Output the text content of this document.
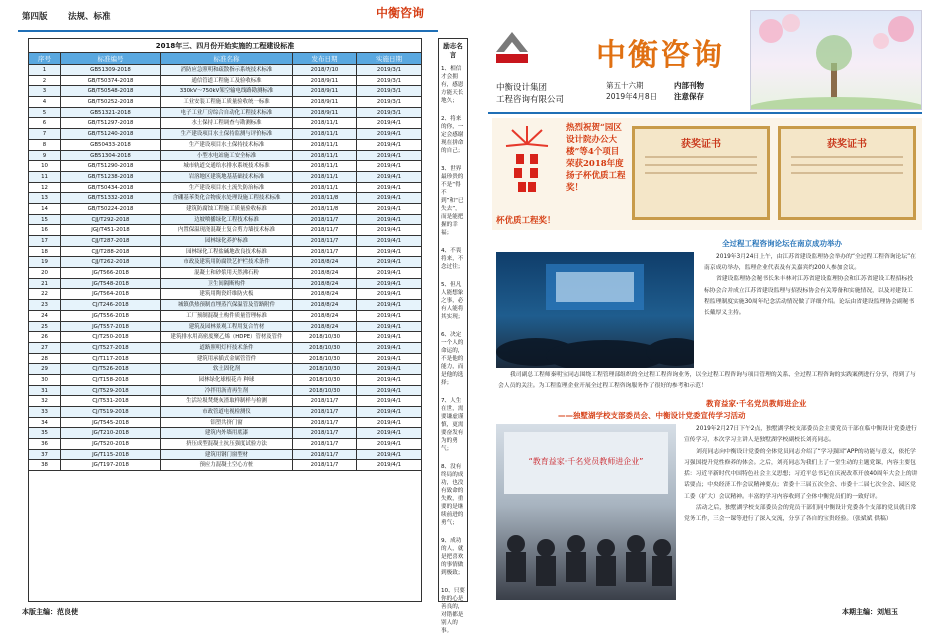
第四版 法规、标准	中衡咨询
2018年三、四月份开始实施的工程建设标准
序号	标准编号	标准名称	发布日期	实施日期
1	GB51309-2018	消防应急照明和疏散指示系统技术标准	2018/7/10	2019/3/1
2	GB/T50374-2018	通信管道工程施工及验收标准	2018/9/11	2019/3/1
3	GB/T50548-2018	330kV～750kV架空输电线路勘测标准	2018/9/11	2019/3/1
4	GB/T50252-2018	工业安装工程施工质量验收统一标准	2018/9/11	2019/3/1
5	GB51321-2018	电子工业厂房综合自动化工程技术标准	2018/9/11	2019/3/1
6	GB/T51297-2018	水土保持工程调查与勘测标准	2018/11/1	2019/4/1
7	GB/T51240-2018	生产建设项目水土保持监测与评价标准	2018/11/1	2019/4/1
8	GB50433-2018	生产建设项目水土保持技术标准	2018/11/1	2019/4/1
9	GB51304-2018	小型水电站施工安全标准	2018/11/1	2019/4/1
10	GB/T51290-2018	城市轨道交通给水排水系统技术标准	2018/11/1	2019/4/1
11	GB/T51238-2018	岩溶地区建筑地基基础技术标准	2018/11/1	2019/4/1
12	GB/T50434-2018	生产建设项目水土流失防治标准	2018/11/1	2019/4/1
13	GB/T51332-2018	含硼基苯类化合物废水处理设施工程技术标准	2018/11/8	2019/4/1
14	GB/T50224-2018	建筑防腐蚀工程施工质量验收标准	2018/11/8	2019/4/1
15	CJJ/T292-2018	边坡喷播绿化工程技术标准	2018/11/7	2019/4/1
16	JGJ/T451-2018	内置保温现浇混凝土复合剪力墙技术标准	2018/11/7	2019/4/1
17	CJJ/T287-2018	园林绿化养护标准	2018/11/7	2019/4/1
18	CJJ/T288-2018	园林绿化工程盐碱地改良技术标准	2018/11/7	2019/4/1
19	CJJ/T262-2018	市政及建筑用防腐铁艺护栏技术条件	2018/8/24	2019/4/1
20	JG/T566-2018	混凝土和砂浆用天然沸石粉	2018/8/24	2019/4/1
21	JG/T548-2018	卫生间隔断构件	2018/8/24	2019/4/1
22	JG/T564-2018	建筑用陶瓷纤维防火板	2018/8/24	2019/4/1
23	CJ/T246-2018	城镇供热预制直埋蒸汽保温管及管路附件	2018/8/24	2019/4/1
24	JG/T556-2018	工厂预制混凝土构件质量管理标准	2018/8/24	2019/4/1
25	JG/T557-2018	建筑及园林景观工程用复合竹材	2018/8/24	2019/4/1
26	CJ/T250-2018	建筑排水用高密度聚乙烯（HDPE）管材及管件	2018/10/30	2019/4/1
27	CJ/T527-2018	道路照明灯杆技术条件	2018/10/30	2019/4/1
28	CJ/T117-2018	建筑用承插式金属管管件	2018/10/30	2019/4/1
29	CJ/T526-2018	软土固化剂	2018/10/30	2019/4/1
30	CJ/T158-2018	园林绿化球根花卉 种球	2018/10/30	2019/4/1
31	CJ/T529-2018	冷拌用沥青再生剂	2018/10/30	2019/4/1
32	CJ/T531-2018	生活垃圾焚烧灰渣取样制样与检测	2018/11/7	2019/4/1
33	CJ/T519-2018	市政管道电视检测仪	2018/11/7	2019/4/1
34	JG/T545-2018	铝塑共挤门窗	2018/11/7	2019/4/1
35	JG/T210-2018	建筑内外墙用底漆	2018/11/7	2019/4/1
36	JG/T520-2018	挤压成型混凝土抗压强度试验方法	2018/11/7	2019/4/1
37	JG/T115-2018	建筑用钢门窗型材	2018/11/7	2019/4/1
38	JG/T197-2018	预应力混凝土空心方桩	2018/11/7	2019/4/1
励志名言
1、相信才会拥有，感恩方能天长地久；
2、将来的你，一定会感谢现在拼命的自己；
3、世界最珍贵的不是“得不到”和“已失去”，而是能把握的幸福；
4、不畏将来，不念过往；
5、但凡人能想象之事，必有人能将其实现；
6、决定一个人的命运的，不是他的能力，而是他的选择；
7、人生在世，需要谦虚谨慎，更需要奋发有为的勇气；
8、没有终局的成功，也没有致命的失败，重要的是继续前进的勇气；
9、成功的人，就是把喜欢的事情做到极致；
10、只要你的心是善良的，对错都是别人的事。
本版主编：范良使
中衡设计集团
工程咨询有限公司
中衡咨询
第五十六期
2019年4月8日
内部刊物
注意保存
热烈祝贺“园区设计院办公大楼”等4个项目荣获2018年度扬子杯优质工程奖！
杯优质工程奖！
获奖证书	获奖证书
全过程工程咨询论坛在南京成功举办

2019年3月24日上午，由江苏省建设监理协会举办的“全过程工程咨询论坛”在南京成功举办，监理企业代表及有关嘉宾约200人参加会议。

省建设监理协会秘书长朱丰林对江苏省建设监理协会和江苏省建设工程招标投标协会合并成立江苏省建设监理与招投标协会有关筹备和实施情况，以及对建设工程监理制度实施30周年纪念活动情况做了详细介绍。论坛由省建设监理协会副秘书长戴厚义主持。

我司副总工程师秦明宝同志围绕工程管理部组织的全过程工程咨询业务，以全过程工程咨询与项目管理的关系、全过程工程咨询的实践案例进行分享，得到了与会人员的关注。为工程监理企业开展全过程工程咨询服务作了很好的参考和示范！
教育益家·千名党员教师进企业
——独墅湖学校支部委员会、中衡设计党委宣传学习活动
“教育益家·千名党员教师进企业”

2019年2月27日下午2点，独墅湖学校支部委员会主要党员干部在临中衡设计党委进行宣传学习，本次学习主讲人是独墅湖学校副校长刘亮同志。

刘亮同志向中衡设计党委的全体党员同志介绍了“学习强国”APP的功能与意义，依托学习强国提升党性修养的体会。之后，刘亮同志为我们上了一堂生动的主题党课，内容主要包括：习近平新时代中国特色社会主义思想；习近平总书记在庆祝改革开放40周年大会上的讲话要点；中央经济工作会议精神要点；省委十三届五次全会、市委十二届七次全会、园区党工委（扩大）会议精神。丰富的学习内容收到了全体中衡党员们的一致好评。

活动之后，独墅湖学校支部委员会的党员干部们同中衡设计党委各个支部的党员就日常党务工作，三会一课等进行了深入交流，分享了各自的宝贵经验。（张斌斌 供稿）

本期主编：刘旭玉
